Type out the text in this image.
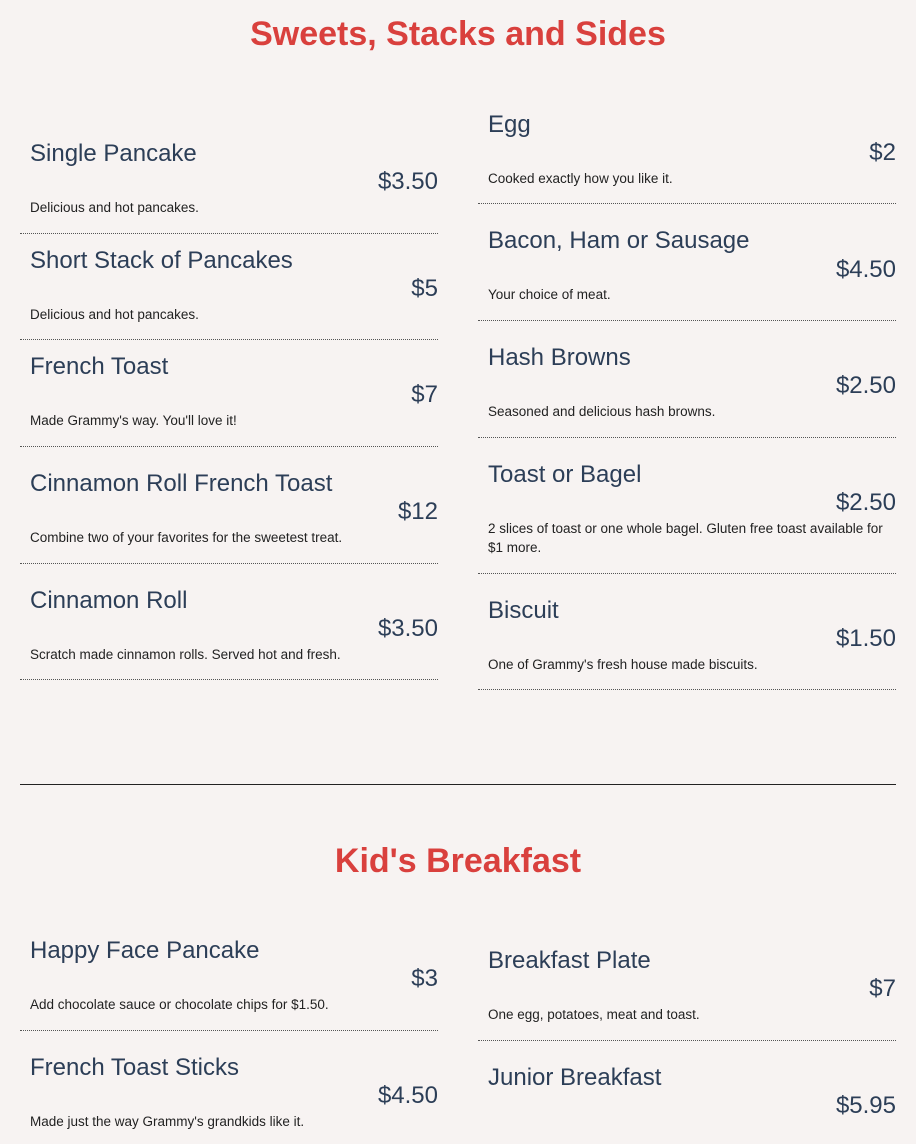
Sweets, Stacks and Sides
Single Pancake
$3.50
Delicious and hot pancakes.
Short Stack of Pancakes
$5
Delicious and hot pancakes.
French Toast
$7
Made Grammy's way. You'll love it!
Cinnamon Roll French Toast
$12
Combine two of your favorites for the sweetest treat.
Cinnamon Roll
$3.50
Scratch made cinnamon rolls. Served hot and fresh.
Egg
$2
Cooked exactly how you like it.
Bacon, Ham or Sausage
$4.50
Your choice of meat.
Hash Browns
$2.50
Seasoned and delicious hash browns.
Toast or Bagel
$2.50
2 slices of toast or one whole bagel. Gluten free toast available for $1 more.
Biscuit
$1.50
One of Grammy's fresh house made biscuits.
Kid's Breakfast
Happy Face Pancake
$3
Add chocolate sauce or chocolate chips for $1.50.
French Toast Sticks
$4.50
Made just the way Grammy's grandkids like it.
Breakfast Plate
$7
One egg, potatoes, meat and toast.
Junior Breakfast
$5.95
